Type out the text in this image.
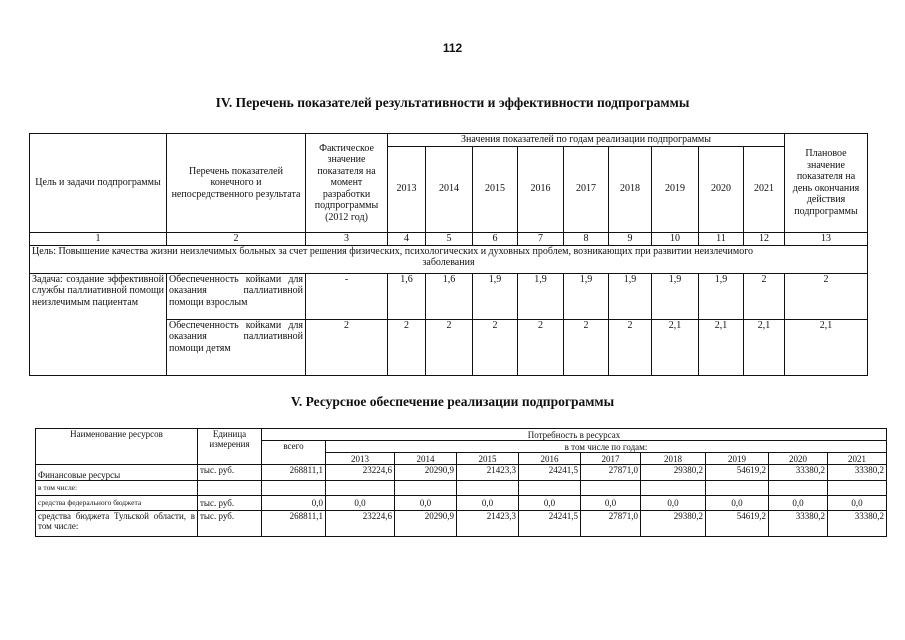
112
IV. Перечень показателей результативности и эффективности подпрограммы
Цель и задачи подпрограммы	Перечень показателей конечного и непосредственного результата	Фактическое значение показателя на момент разработки подпрограммы (2012 год)	Значения показателей по годам реализации подпрограммы									Плановое значение показателя на день окончания действия подпрограммы
			2013	2014	2015	2016	2017	2018	2019	2020	2021	
1	2	3	4	5	6	7	8	9	10	11	12	13
Цель: Повышение качества жизни неизлечимых больных за счет решения физических, психологических и духовных проблем, возникающих при развитии неизлечимого
заболевания												

Задача: создание эффективной службы паллиативной помощи неизлечимым пациентам	Обеспеченность койками для оказания паллиативной помощи взрослым	-	1,6	1,6	1,9	1,9	1,9	1,9	1,9	1,9	2	2
	Обеспеченность койками для оказания паллиативной помощи детям	2	2	2	2	2	2	2	2,1	2,1	2,1	2,1
V. Ресурсное обеспечение реализации подпрограммы
Наименование ресурсов	Единица измерения	Потребность в ресурсах									
		всего	в том числе по годам:								
			2013	2014	2015	2016	2017	2018	2019	2020	2021
Финансовые ресурсы	тыс. руб.	268811,1	23224,6	20290,9	21423,3	24241,5	27871,0	29380,2	54619,2	33380,2	33380,2
в том числе:											
средства федерального бюджета	тыс. руб.	0,0	0,0	0,0	0,0	0,0	0,0	0,0	0,0	0,0	0,0
средства бюджета Тульской области, в том числе:	тыс. руб.	268811,1	23224,6	20290,9	21423,3	24241,5	27871,0	29380,2	54619,2	33380,2	33380,2
